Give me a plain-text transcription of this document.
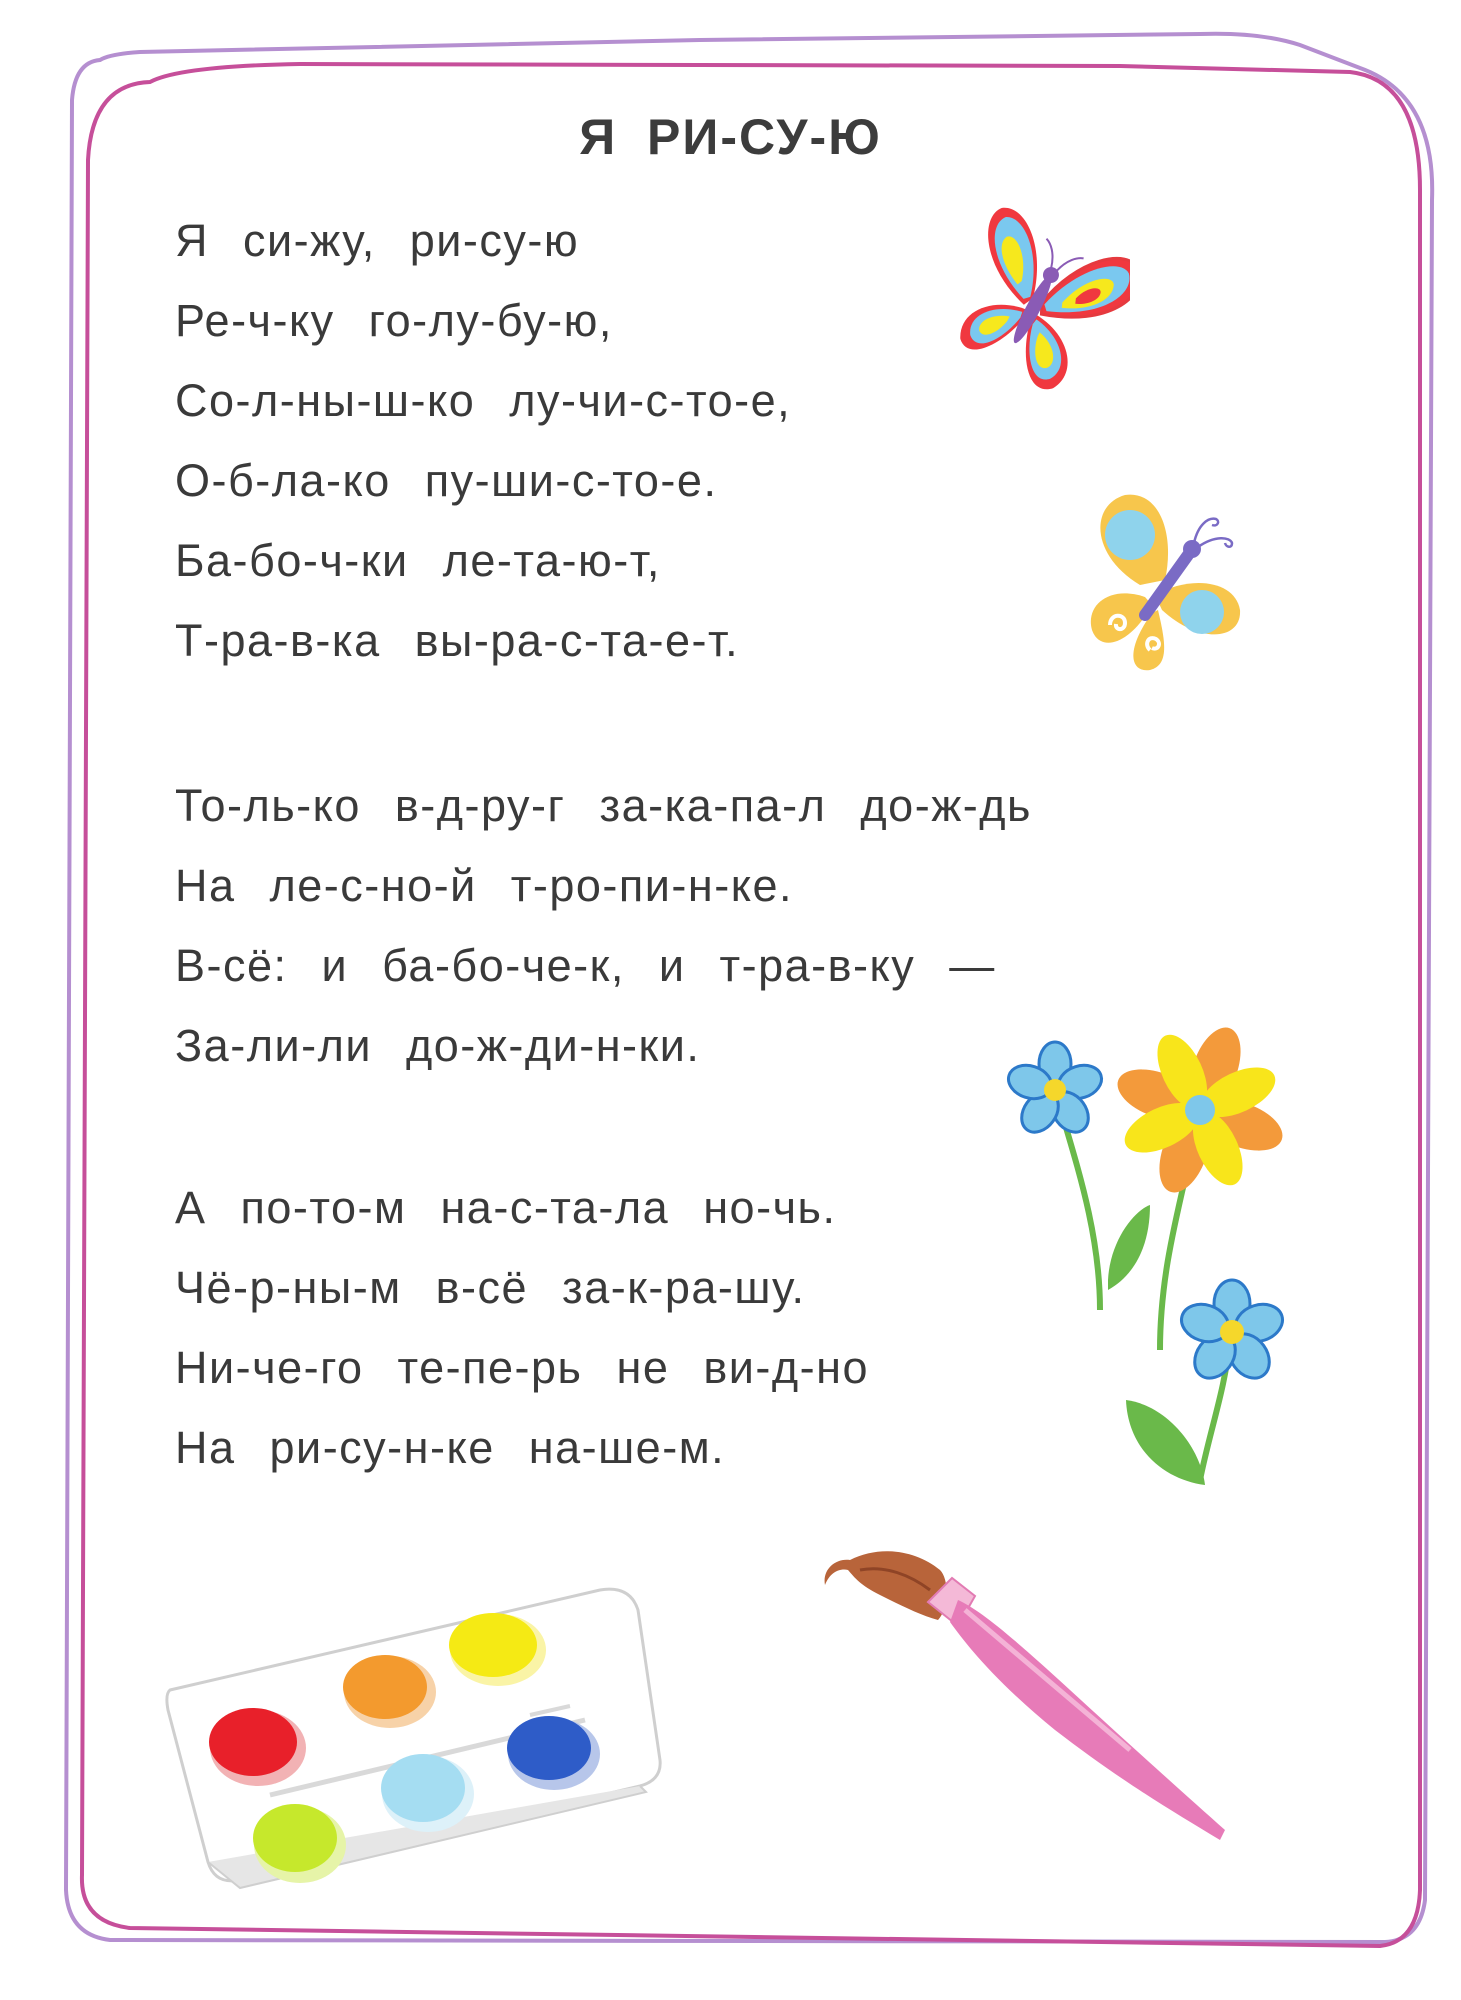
Я РИ-СУ-Ю
Я си-жу, ри-су-ю
Ре-ч-ку го-лу-бу-ю,
Со-л-ны-ш-ко лу-чи-с-то-е,
О-б-ла-ко пу-ши-с-то-е.
Ба-бо-ч-ки ле-та-ю-т,
Т-ра-в-ка вы-ра-с-та-е-т.
То-ль-ко в-д-ру-г за-ка-па-л до-ж-дь
На ле-с-но-й т-ро-пи-н-ке.
В-сё: и ба-бо-че-к, и т-ра-в-ку —
За-ли-ли до-ж-ди-н-ки.
А по-то-м на-с-та-ла но-чь.
Чё-р-ны-м в-сё за-к-ра-шу.
Ни-че-го те-пе-рь не ви-д-но
На ри-су-н-ке на-ше-м.
